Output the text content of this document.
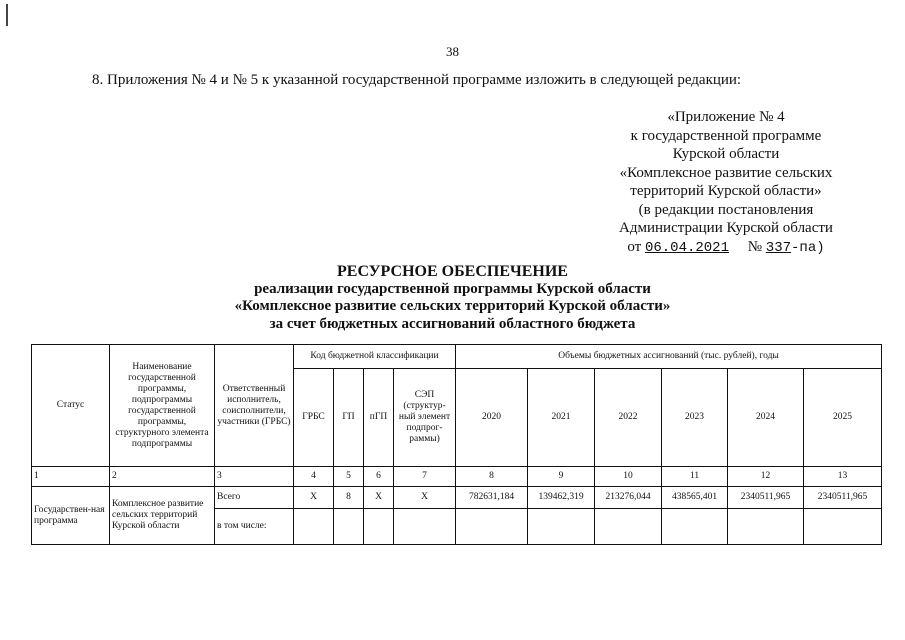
38
8. Приложения № 4 и № 5 к указанной государственной программе изложить в следующей редакции:
«Приложение № 4
к государственной программе
Курской области
«Комплексное развитие сельских
территорий Курской области»
(в редакции постановления
Администрации Курской области
от 06.04.2021 № 337-па)
РЕСУРСНОЕ ОБЕСПЕЧЕНИЕ
реализации государственной программы Курской области
«Комплексное развитие сельских территорий Курской области»
за счет бюджетных ассигнований областного бюджета
Статус	Наименование государственной программы, подпрограммы государственной программы, структурного элемента подпрограммы	Ответственный исполнитель, соисполнители, участники (ГРБС)	Код бюджетной классификации				Объемы бюджетных ассигнований (тыс. рублей), годы					
			ГРБС	ГП	пГП	СЭП (структур-ный элемент подпрог-раммы)	2020	2021	2022	2023	2024	2025
1	2	3	4	5	6	7	8	9	10	11	12	13
Государствен-ная программа	Комплексное развитие сельских территорий Курской области	Всего	X	8	X	X	782631,184	139462,319	213276,044	438565,401	2340511,965	2340511,965
		в том числе:										
